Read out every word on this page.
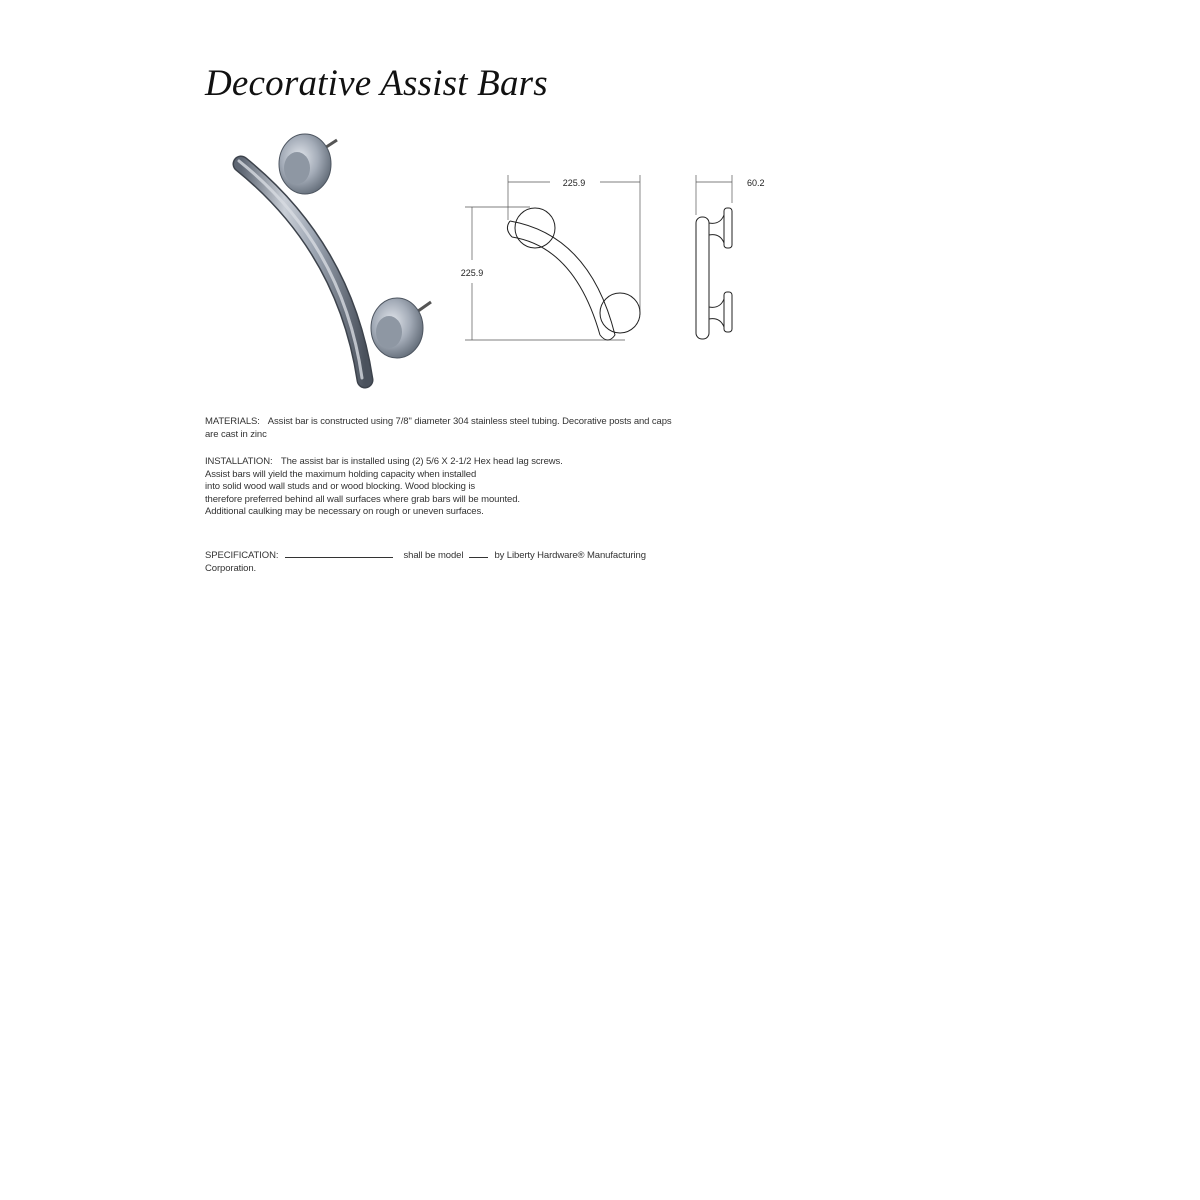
Decorative Assist Bars
225.9
225.9
60.2
MATERIALS: Assist bar is constructed using 7/8" diameter 304 stainless steel tubing. Decorative posts and caps
are cast in zinc
INSTALLATION: The assist bar is installed using (2) 5/6 X 2-1/2 Hex head lag screws.
Assist bars will yield the maximum holding capacity when installed
into solid wood wall studs and or wood blocking. Wood blocking is
therefore preferred behind all wall surfaces where grab bars will be mounted.
Additional caulking may be necessary on rough or uneven surfaces.
SPECIFICATION:	shall be model	by Liberty Hardware® Manufacturing
Corporation.
